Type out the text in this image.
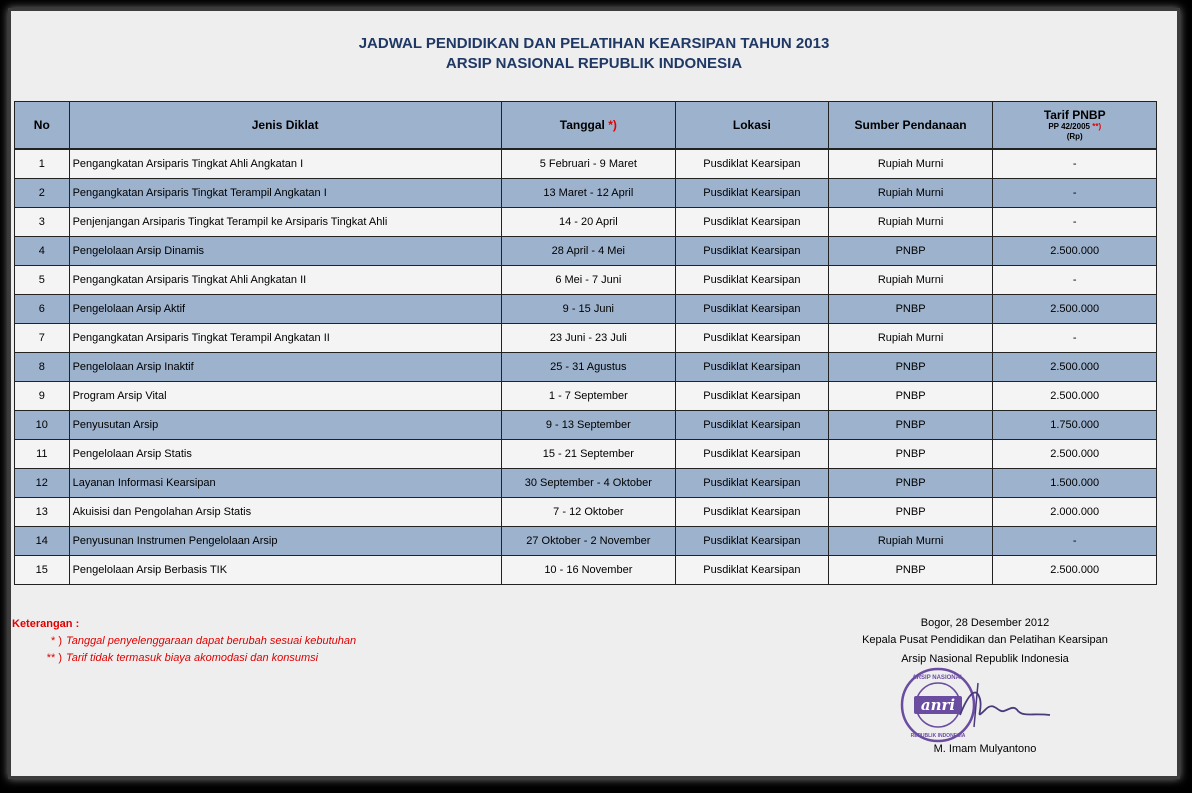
JADWAL PENDIDIKAN DAN PELATIHAN KEARSIPAN TAHUN 2013
ARSIP NASIONAL REPUBLIK INDONESIA
No	Jenis Diklat	Tanggal *)	Lokasi	Sumber Pendanaan	Tarif PNBP
PP 42/2005 **)
(Rp)

1	Pengangkatan Arsiparis Tingkat Ahli Angkatan I	5 Februari - 9 Maret	Pusdiklat Kearsipan	Rupiah Murni	-
2	Pengangkatan Arsiparis Tingkat Terampil Angkatan I	13 Maret - 12 April	Pusdiklat Kearsipan	Rupiah Murni	-
3	Penjenjangan Arsiparis Tingkat Terampil ke Arsiparis Tingkat Ahli	14 - 20 April	Pusdiklat Kearsipan	Rupiah Murni	-
4	Pengelolaan Arsip Dinamis	28 April - 4 Mei	Pusdiklat Kearsipan	PNBP	2.500.000
5	Pengangkatan Arsiparis Tingkat Ahli Angkatan II	6 Mei - 7 Juni	Pusdiklat Kearsipan	Rupiah Murni	-
6	Pengelolaan Arsip Aktif	9 - 15 Juni	Pusdiklat Kearsipan	PNBP	2.500.000
7	Pengangkatan Arsiparis Tingkat Terampil Angkatan II	23 Juni - 23 Juli	Pusdiklat Kearsipan	Rupiah Murni	-
8	Pengelolaan Arsip Inaktif	25 - 31 Agustus	Pusdiklat Kearsipan	PNBP	2.500.000
9	Program Arsip Vital	1 - 7 September	Pusdiklat Kearsipan	PNBP	2.500.000
10	Penyusutan Arsip	9 - 13 September	Pusdiklat Kearsipan	PNBP	1.750.000
11	Pengelolaan Arsip Statis	15 - 21 September	Pusdiklat Kearsipan	PNBP	2.500.000
12	Layanan Informasi Kearsipan	30 September - 4 Oktober	Pusdiklat Kearsipan	PNBP	1.500.000
13	Akuisisi dan Pengolahan Arsip Statis	7 - 12 Oktober	Pusdiklat Kearsipan	PNBP	2.000.000
14	Penyusunan Instrumen Pengelolaan Arsip	27 Oktober - 2 November	Pusdiklat Kearsipan	Rupiah Murni	-
15	Pengelolaan Arsip Berbasis TIK	10 - 16 November	Pusdiklat Kearsipan	PNBP	2.500.000
Keterangan :
* ) Tanggal penyelenggaraan dapat berubah sesuai kebutuhan
** ) Tarif tidak termasuk biaya akomodasi dan konsumsi
Bogor, 28 Desember 2012
Kepala Pusat Pendidikan dan Pelatihan Kearsipan
Arsip Nasional Republik Indonesia
anri
ARSIP NASIONAL
REPUBLIK INDONESIA
M. Imam Mulyantono
